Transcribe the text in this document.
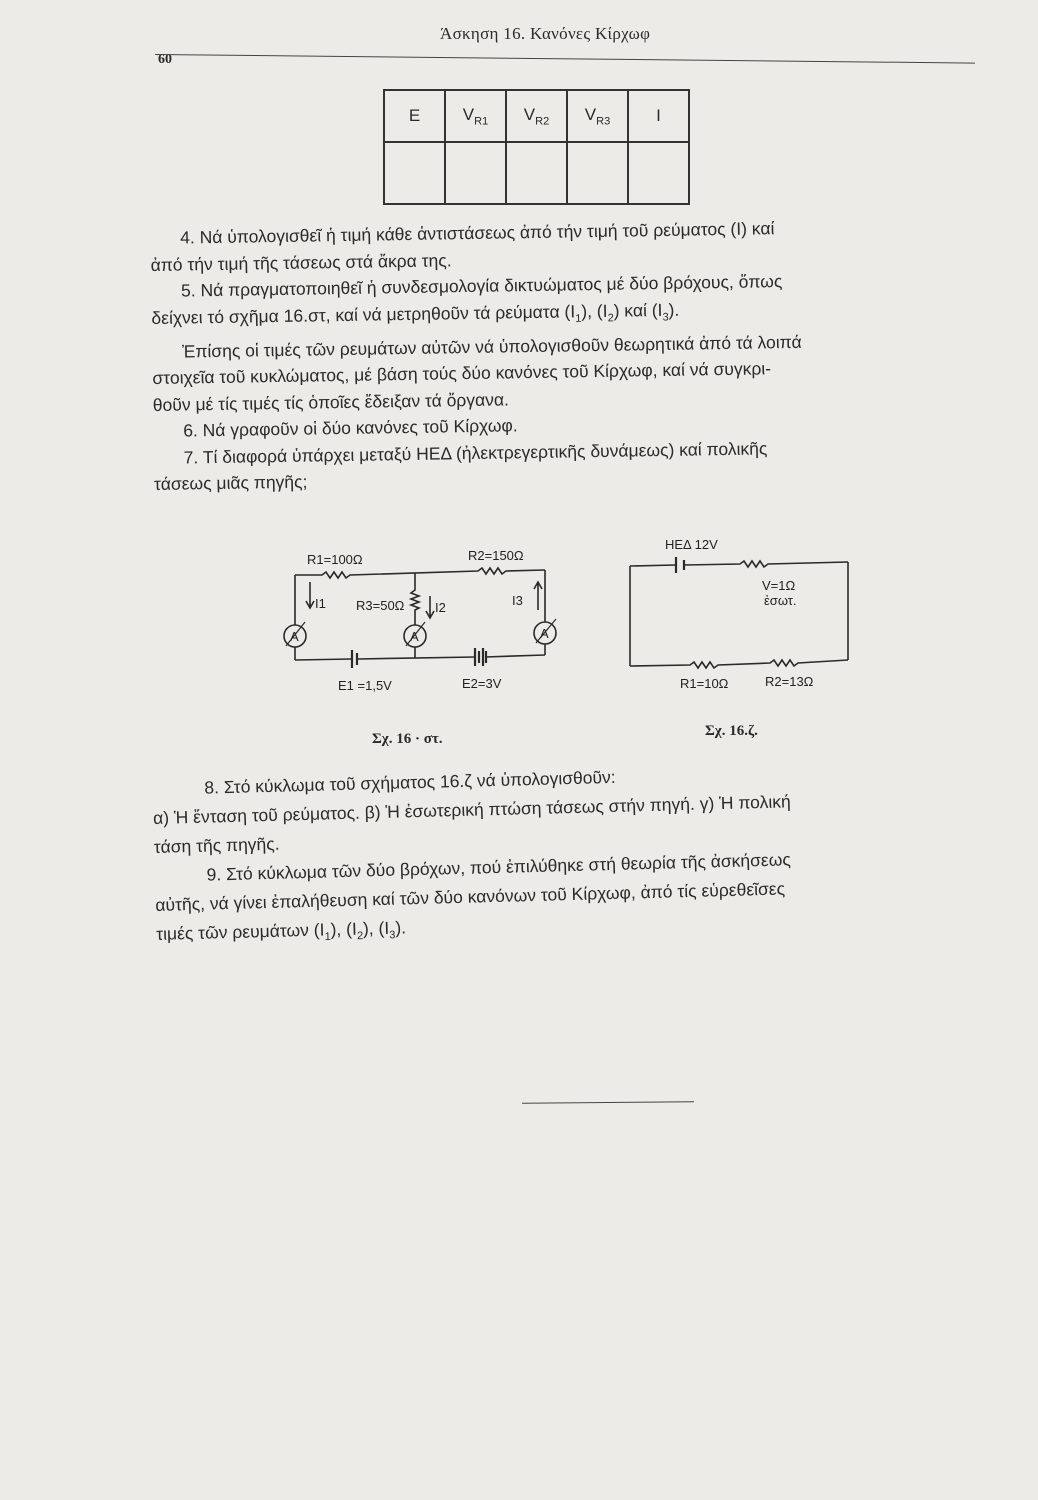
Άσκηση 16. Κανόνες Κίρχωφ
60
E	$V_{R1}$	$V_{R2}$	$V_{R3}$	I

4. Νά ὑπολογισθεῖ ἡ τιμή κάθε ἀντιστάσεως ἀπό τήν τιμή τοῦ ρεύματος (I) καί

ἀπό τήν τιμή τῆς τάσεως στά ἄκρα της.

5. Νά πραγματοποιηθεῖ ἡ συνδεσμολογία δικτυώματος μέ δύο βρόχους, ὅπως

δείχνει τό σχῆμα 16.στ, καί νά μετρηθοῦν τά ρεύματα $(I_1)$, $(I_2)$ καί $(I_3)$.

Ἐπίσης οἱ τιμές τῶν ρευμάτων αὐτῶν νά ὑπολογισθοῦν θεωρητικά ἀπό τά λοιπά

στοιχεῖα τοῦ κυκλώματος, μέ βάση τούς δύο κανόνες τοῦ Κίρχωφ, καί νά συγκρι-

θοῦν μέ τίς τιμές τίς ὁποῖες ἔδειξαν τά ὄργανα.

6. Νά γραφοῦν οἱ δύο κανόνες τοῦ Κίρχωφ.

7. Τί διαφορά ὑπάρχει μεταξύ ΗΕΔ (ἠλεκτρεγερτικῆς δυνάμεως) καί πολικῆς

τάσεως μιᾶς πηγῆς;

R1=100Ω	R2=150Ω
R3=50Ω
I1	I2	I3
A	A	A
E1 =1,5V	E2=3V
ΗΕΔ 12V
V=1Ω
ἐσωτ.
R1=10Ω	R2=13Ω
Σχ. 16 · στ.	Σχ. 16.ζ.

8. Στό κύκλωμα τοῦ σχήματος 16.ζ νά ὑπολογισθοῦν:

α) Ἡ ἔνταση τοῦ ρεύματος. β) Ἡ ἐσωτερική πτώση τάσεως στήν πηγή. γ) Ἡ πολική

τάση τῆς πηγῆς.

9. Στό κύκλωμα τῶν δύο βρόχων, πού ἐπιλύθηκε στή θεωρία τῆς ἀσκήσεως

αὐτῆς, νά γίνει ἐπαλήθευση καί τῶν δύο κανόνων τοῦ Κίρχωφ, ἀπό τίς εὑρεθεῖσες

τιμές τῶν ρευμάτων $(I_1)$, $(I_2)$, $(I_3)$.
